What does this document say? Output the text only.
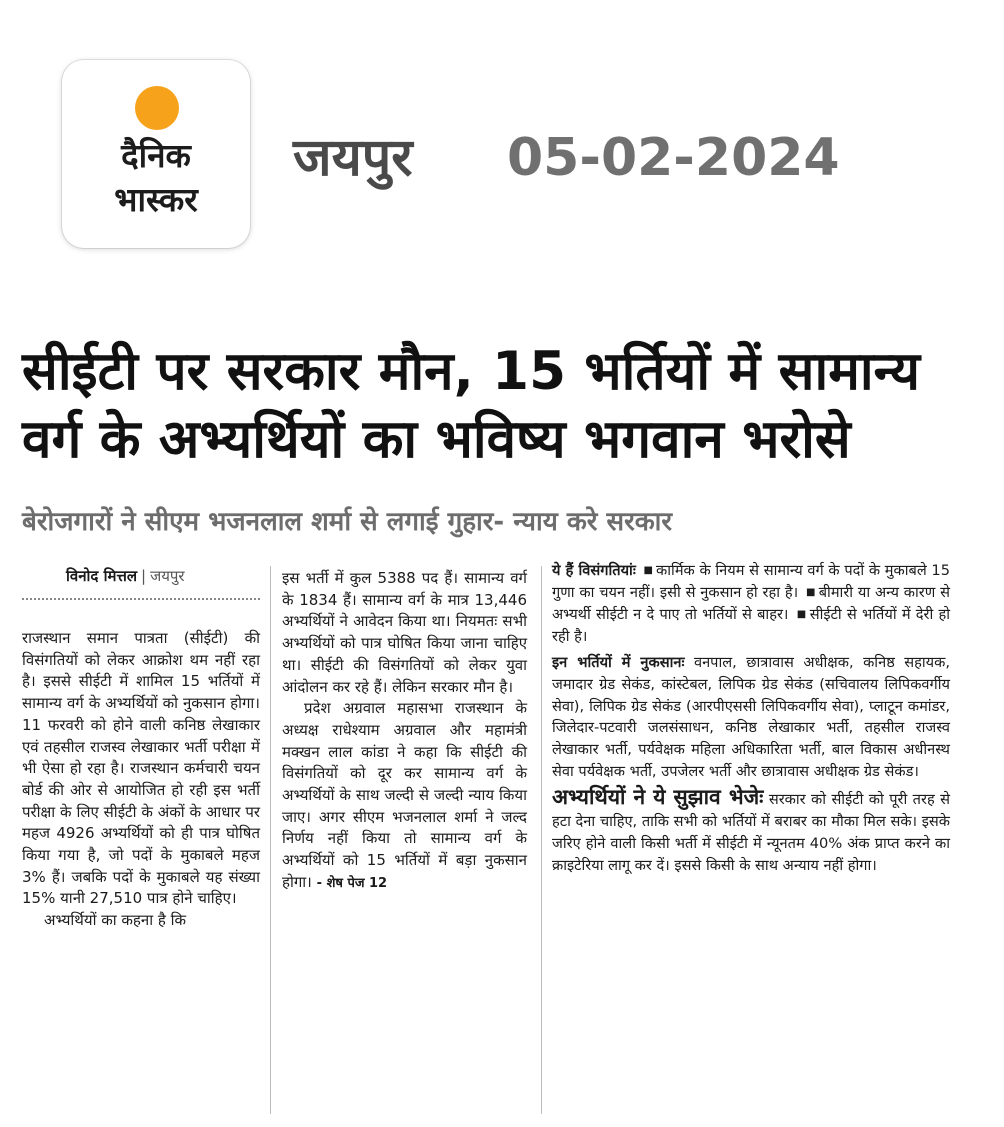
दैनिक
भास्कर
जयपुर 05-02-2024
सीईटी पर सरकार मौन, 15 भर्तियों में सामान्य वर्ग के अभ्यर्थियों का भविष्य भगवान भरोसे
बेरोजगारों ने सीएम भजनलाल शर्मा से लगाई गुहार- न्याय करे सरकार
विनोद मित्तल | जयपुर

राजस्थान समान पात्रता (सीईटी) की विसंगतियों को लेकर आक्रोश थम नहीं रहा है। इससे सीईटी में शामिल 15 भर्तियों में सामान्य वर्ग के अभ्यर्थियों को नुकसान होगा। 11 फरवरी को होने वाली कनिष्ठ लेखाकार एवं तहसील राजस्व लेखाकार भर्ती परीक्षा में भी ऐसा हो रहा है। राजस्थान कर्मचारी चयन बोर्ड की ओर से आयोजित हो रही इस भर्ती परीक्षा के लिए सीईटी के अंकों के आधार पर महज 4926 अभ्यर्थियों को ही पात्र घोषित किया गया है, जो पदों के मुकाबले महज 3% हैं। जबकि पदों के मुकाबले यह संख्या 15% यानी 27,510 पात्र होने चाहिए।

अभ्यर्थियों का कहना है कि

इस भर्ती में कुल 5388 पद हैं। सामान्य वर्ग के 1834 हैं। सामान्य वर्ग के मात्र 13,446 अभ्यर्थियों ने आवेदन किया था। नियमतः सभी अभ्यर्थियों को पात्र घोषित किया जाना चाहिए था। सीईटी की विसंगतियों को लेकर युवा आंदोलन कर रहे हैं। लेकिन सरकार मौन है।

प्रदेश अग्रवाल महासभा राजस्थान के अध्यक्ष राधेश्याम अग्रवाल और महामंत्री मक्खन लाल कांडा ने कहा कि सीईटी की विसंगतियों को दूर कर सामान्य वर्ग के अभ्यर्थियों के साथ जल्दी से जल्दी न्याय किया जाए। अगर सीएम भजनलाल शर्मा ने जल्द निर्णय नहीं किया तो सामान्य वर्ग के अभ्यर्थियों को 15 भर्तियों में बड़ा नुकसान होगा। - शेष पेज 12

ये हैं विसंगतियांः ■ कार्मिक के नियम से सामान्य वर्ग के पदों के मुकाबले 15 गुणा का चयन नहीं। इसी से नुकसान हो रहा है। ■ बीमारी या अन्य कारण से अभ्यर्थी सीईटी न दे पाए तो भर्तियों से बाहर। ■ सीईटी से भर्तियों में देरी हो रही है।

इन भर्तियों में नुकसानः वनपाल, छात्रावास अधीक्षक, कनिष्ठ सहायक, जमादार ग्रेड सेकंड, कांस्टेबल, लिपिक ग्रेड सेकंड (सचिवालय लिपिकवर्गीय सेवा), लिपिक ग्रेड सेकंड (आरपीएससी लिपिकवर्गीय सेवा), प्लाटून कमांडर, जिलेदार-पटवारी जलसंसाधन, कनिष्ठ लेखाकार भर्ती, तहसील राजस्व लेखाकार भर्ती, पर्यवेक्षक महिला अधिकारिता भर्ती, बाल विकास अधीनस्थ सेवा पर्यवेक्षक भर्ती, उपजेलर भर्ती और छात्रावास अधीक्षक ग्रेड सेकंड।

अभ्यर्थियों ने ये सुझाव भेजेः सरकार को सीईटी को पूरी तरह से हटा देना चाहिए, ताकि सभी को भर्तियों में बराबर का मौका मिल सके। इसके जरिए होने वाली किसी भर्ती में सीईटी में न्यूनतम 40% अंक प्राप्त करने का क्राइटेरिया लागू कर दें। इससे किसी के साथ अन्याय नहीं होगा।
